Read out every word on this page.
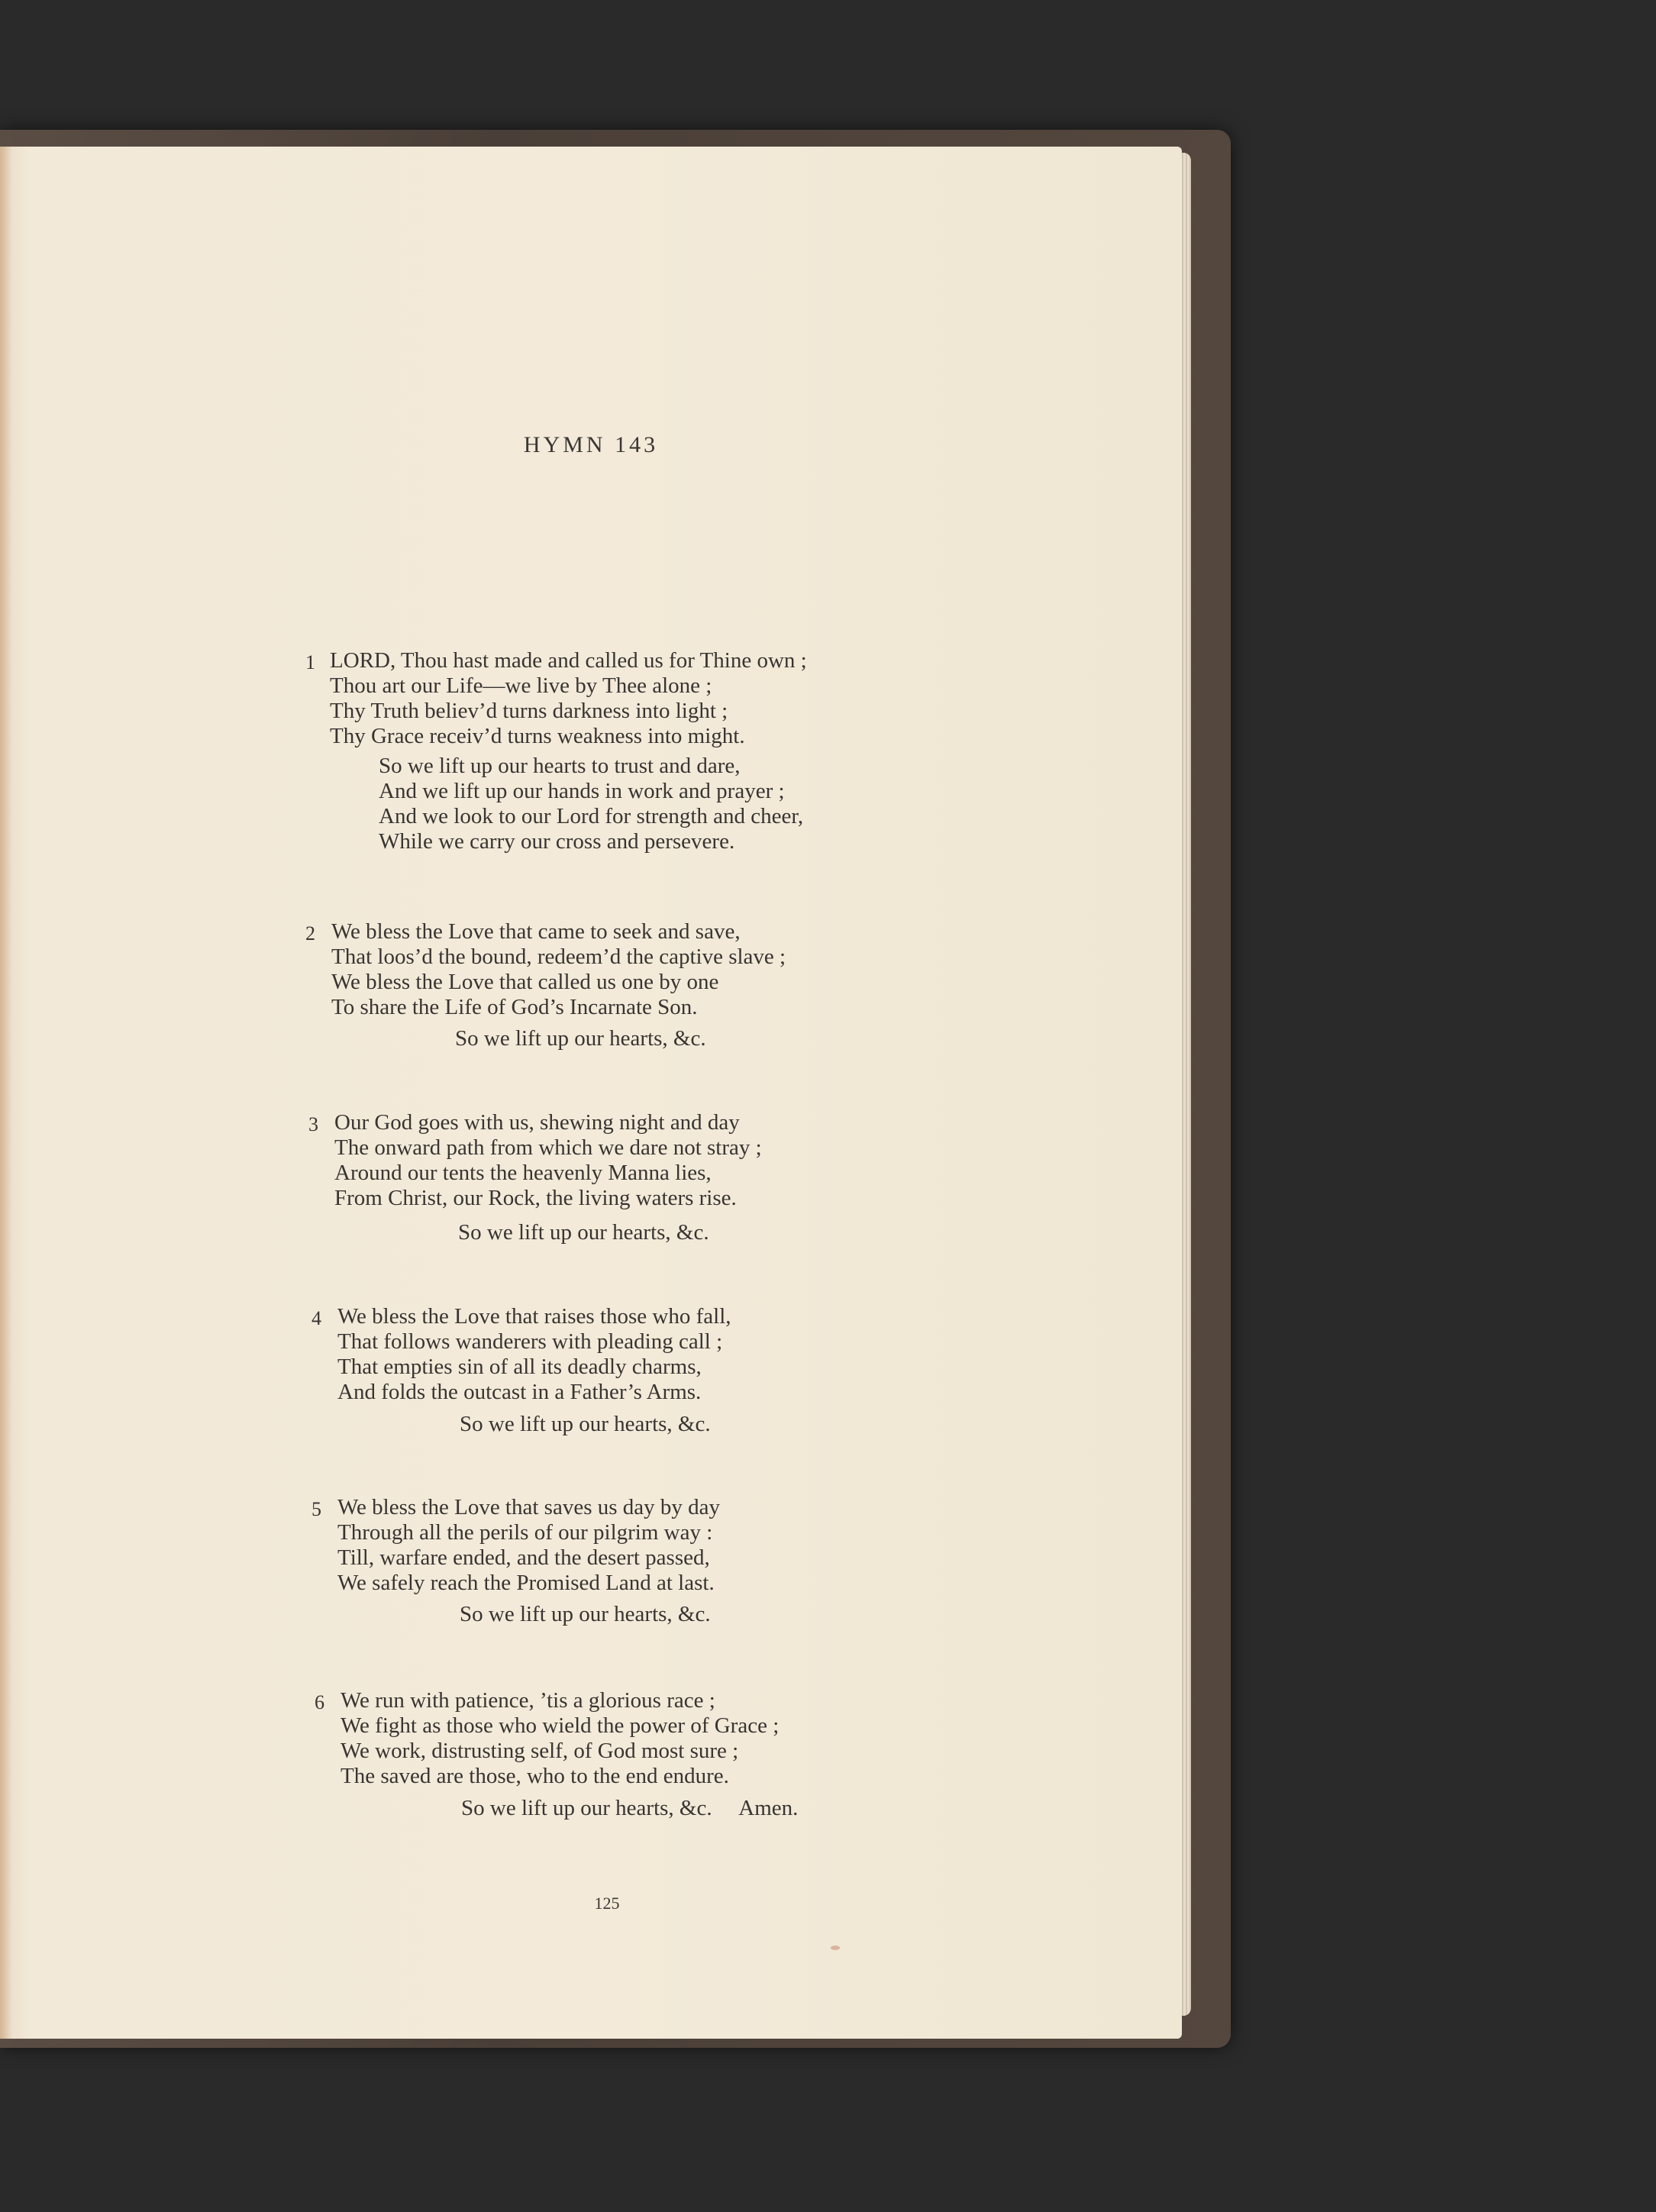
HYMN 143
1 LORD, Thou hast made and called us for Thine own ;
Thou art our Life—we live by Thee alone ;
Thy Truth believ’d turns darkness into light ;
Thy Grace receiv’d turns weakness into might.
So we lift up our hearts to trust and dare,
And we lift up our hands in work and prayer ;
And we look to our Lord for strength and cheer,
While we carry our cross and persevere.
2 We bless the Love that came to seek and save,
That loos’d the bound, redeem’d the captive slave ;
We bless the Love that called us one by one
To share the Life of God’s Incarnate Son.
So we lift up our hearts, &c.
3 Our God goes with us, shewing night and day
The onward path from which we dare not stray ;
Around our tents the heavenly Manna lies,
From Christ, our Rock, the living waters rise.
So we lift up our hearts, &c.
4 We bless the Love that raises those who fall,
That follows wanderers with pleading call ;
That empties sin of all its deadly charms,
And folds the outcast in a Father’s Arms.
So we lift up our hearts, &c.
5 We bless the Love that saves us day by day
Through all the perils of our pilgrim way :
Till, warfare ended, and the desert passed,
We safely reach the Promised Land at last.
So we lift up our hearts, &c.
6 We run with patience, ’tis a glorious race ;
We fight as those who wield the power of Grace ;
We work, distrusting self, of God most sure ;
The saved are those, who to the end endure.
So we lift up our hearts, &c.     Amen.
125
